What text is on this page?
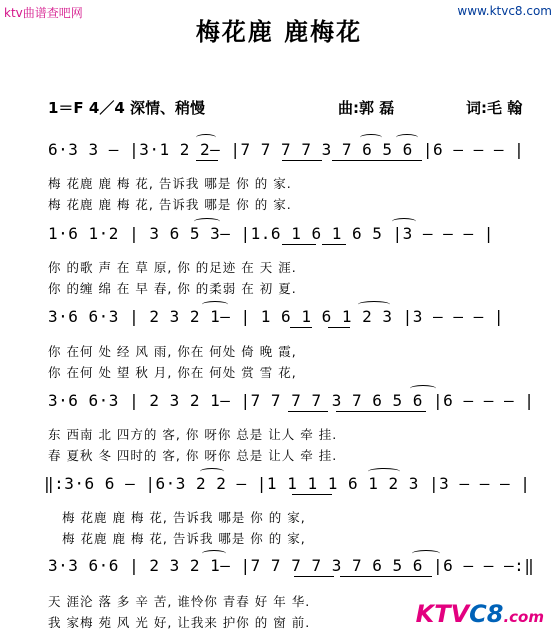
ktv曲谱查吧网	www.ktvc8.com
梅花鹿 鹿梅花
1＝F 4／4 深情、稍慢	曲:郭 磊	词:毛 翰
6·3 3 — |3·1 2 2— |7 7 7 7 3 7 6 5 6 |6 — — — |
梅 花鹿 鹿 梅 花, 告诉我 哪是 你 的 家.
梅 花鹿 鹿 梅 花, 告诉我 哪是 你 的 家.
1·6 1·2 | 3 6 5 3— |1.6 1 6 1 6 5 |3 — — — |
你 的歌 声 在 草 原, 你 的足迹 在 天 涯.
你 的缠 绵 在 早 春, 你 的柔弱 在 初 夏.
3·6 6·3 | 2 3 2 1— | 1 6 1 6 1 2 3 |3 — — — |
你 在何 处 经 风 雨, 你在 何处 倚 晚 霞,
你 在何 处 望 秋 月, 你在 何处 赏 雪 花,
3·6 6·3 | 2 3 2 1— |7 7 7 7 3 7 6 5 6 |6 — — — |
东 西南 北 四方的 客, 你 呀你 总是 让人 牵 挂.
春 夏秋 冬 四时的 客, 你 呀你 总是 让人 牵 挂.
‖:3·6 6 — |6·3 2 2 — |1 1 1 1 6 1 2 3 |3 — — — |
梅 花鹿 鹿 梅 花, 告诉我 哪是 你 的 家,
梅 花鹿 鹿 梅 花, 告诉我 哪是 你 的 家,
3·3 6·6 | 2 3 2 1— |7 7 7 7 3 7 6 5 6 |6 — — —:‖
天 涯沦 落 多 辛 苦, 谁怜你 青春 好 年 华.
我 家梅 苑 风 光 好, 让我来 护你 的 窗 前.	KTVC8.com
